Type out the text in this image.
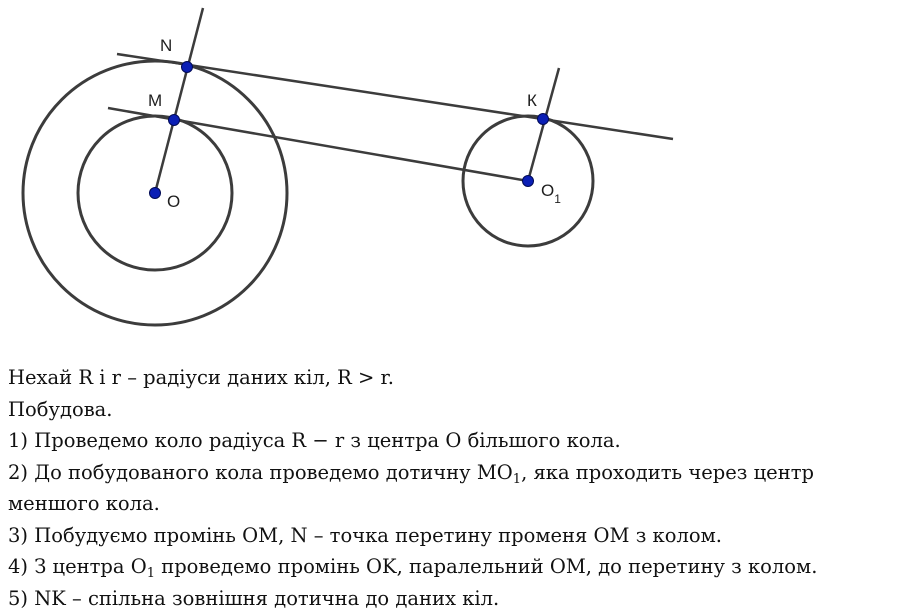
N
M	К
O
$O_1$

Нехай R і r – радіуси даних кіл, R > r.

Побудова.

1) Проведемо коло радіуса R − r з центра O більшого кола.

2) До побудованого кола проведемо дотичну $MO_1$, яка проходить через центр

меншого кола.

3) Побудуємо промінь OM, N – точка перетину променя OM з колом.

4) З центра $O_1$ проведемо промінь OK, паралельний OM, до перетину з колом.

5) NK – спільна зовнішня дотична до даних кіл.
